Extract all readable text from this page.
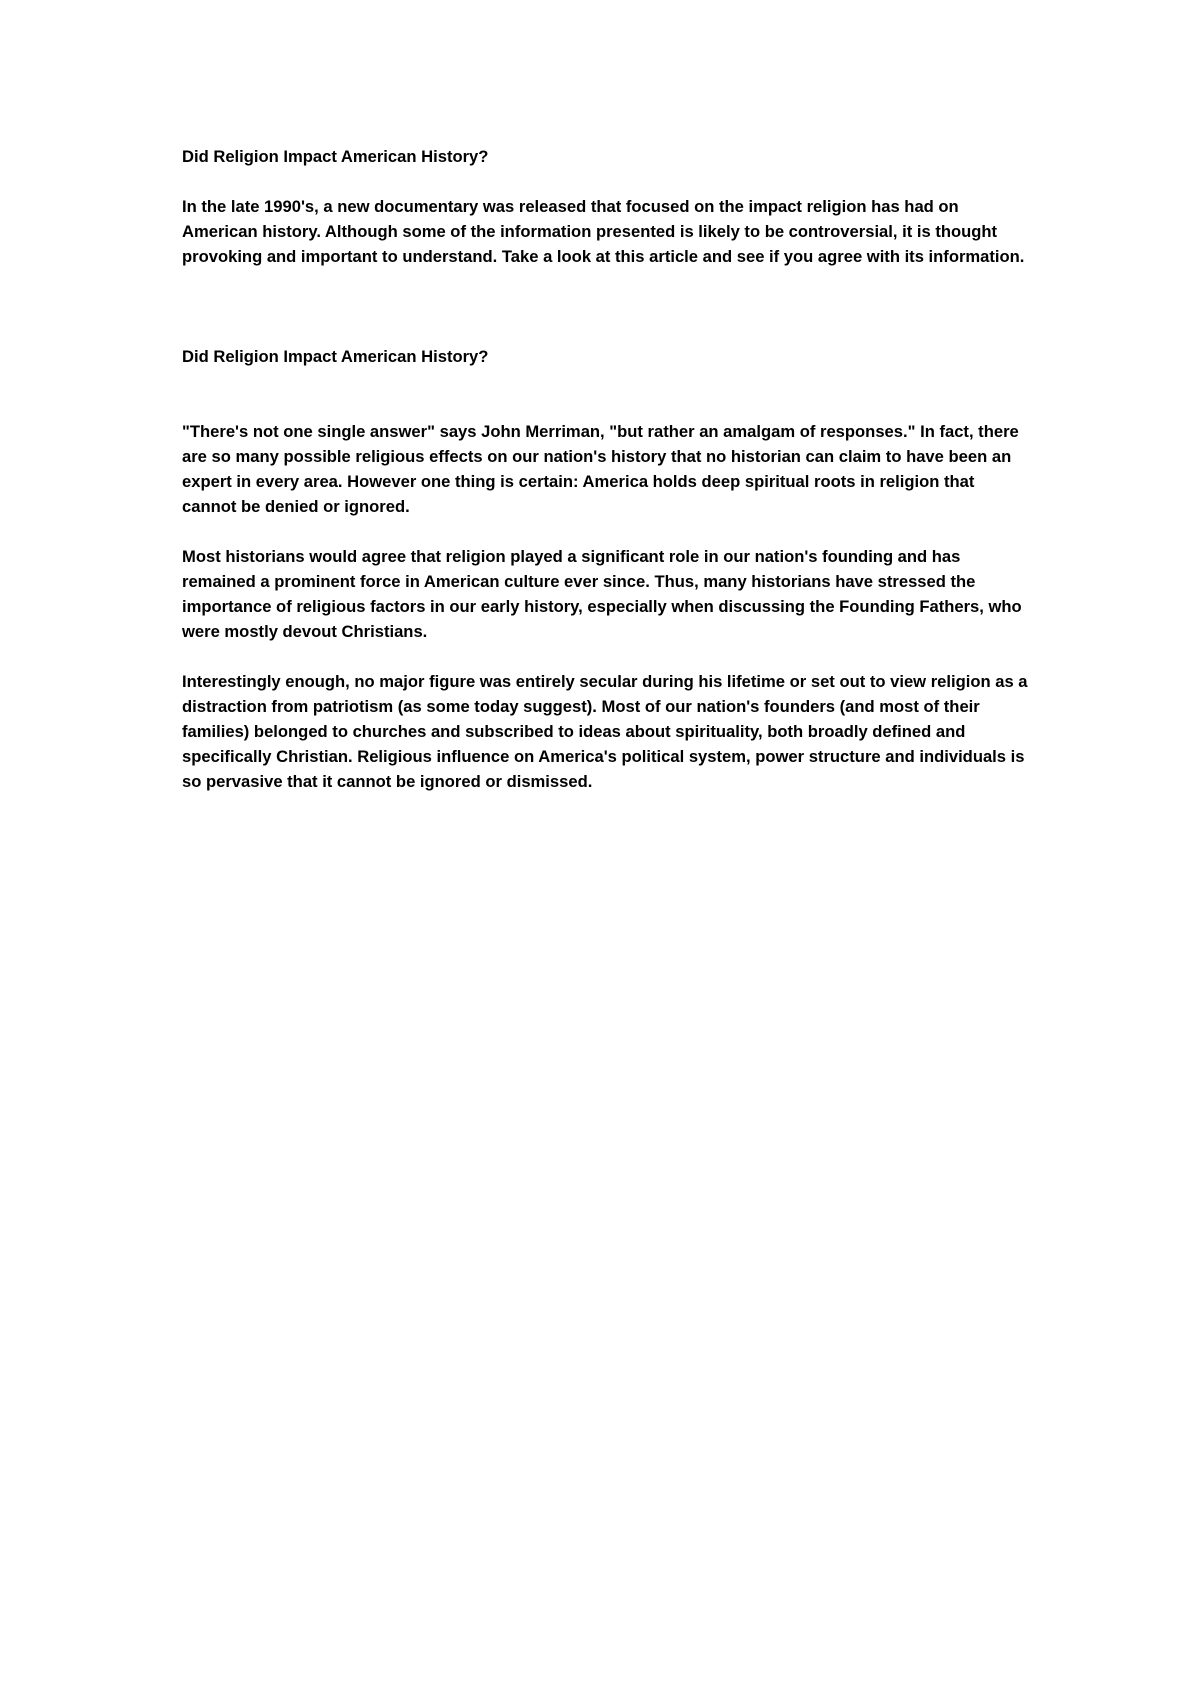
Did Religion Impact American History?

In the late 1990's, a new documentary was released that focused on the impact religion has had on American history. Although some of the information presented is likely to be controversial, it is thought provoking and important to understand. Take a look at this article and see if you agree with its information.

Did Religion Impact American History?

"There's not one single answer" says John Merriman, "but rather an amalgam of responses." In fact, there are so many possible religious effects on our nation's history that no historian can claim to have been an expert in every area. However one thing is certain: America holds deep spiritual roots in religion that cannot be denied or ignored.

Most historians would agree that religion played a significant role in our nation's founding and has remained a prominent force in American culture ever since. Thus, many historians have stressed the importance of religious factors in our early history, especially when discussing the Founding Fathers, who were mostly devout Christians.

Interestingly enough, no major figure was entirely secular during his lifetime or set out to view religion as a distraction from patriotism (as some today suggest). Most of our nation's founders (and most of their families) belonged to churches and subscribed to ideas about spirituality, both broadly defined and specifically Christian. Religious influence on America's political system, power structure and individuals is so pervasive that it cannot be ignored or dismissed.
